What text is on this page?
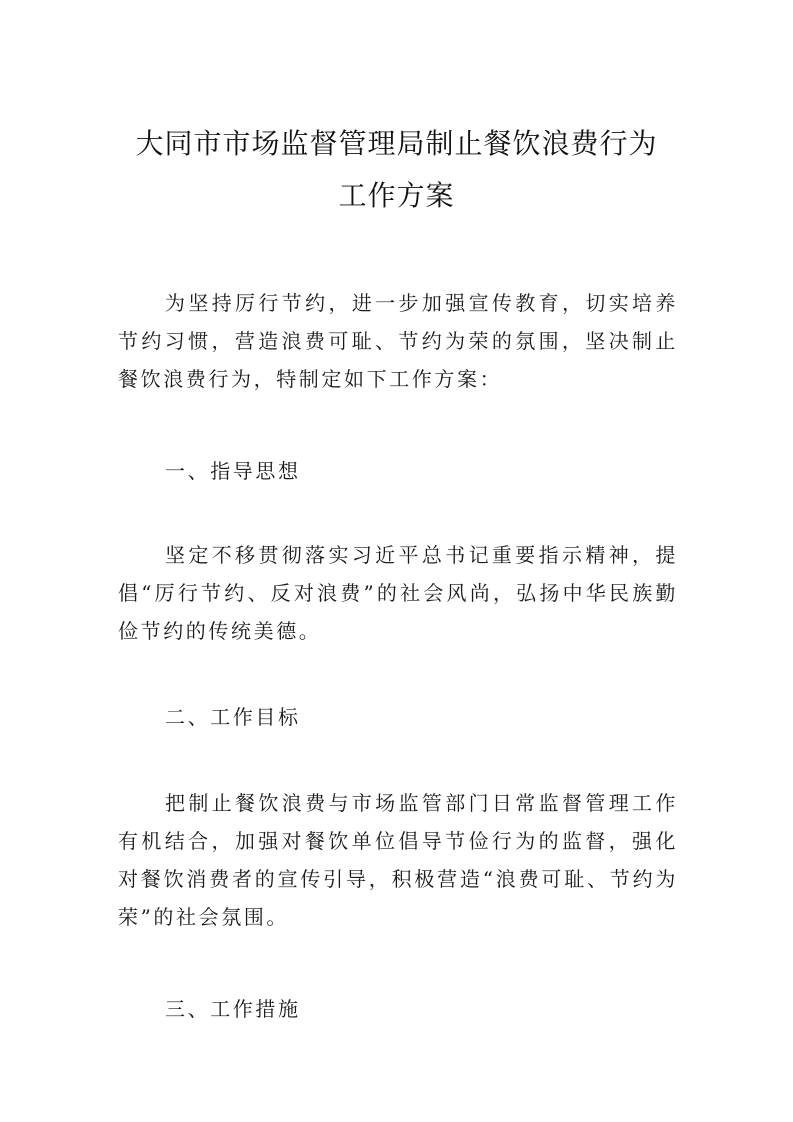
大同市市场监督管理局制止餐饮浪费行为
工作方案

为坚持厉行节约，进一步加强宣传教育，切实培养节约习惯，营造浪费可耻、节约为荣的氛围，坚决制止餐饮浪费行为，特制定如下工作方案：

一、指导思想

坚定不移贯彻落实习近平总书记重要指示精神，提倡“厉行节约、反对浪费”的社会风尚，弘扬中华民族勤俭节约的传统美德。

二、工作目标

把制止餐饮浪费与市场监管部门日常监督管理工作有机结合，加强对餐饮单位倡导节俭行为的监督，强化对餐饮消费者的宣传引导，积极营造“浪费可耻、节约为荣”的社会氛围。

三、工作措施
